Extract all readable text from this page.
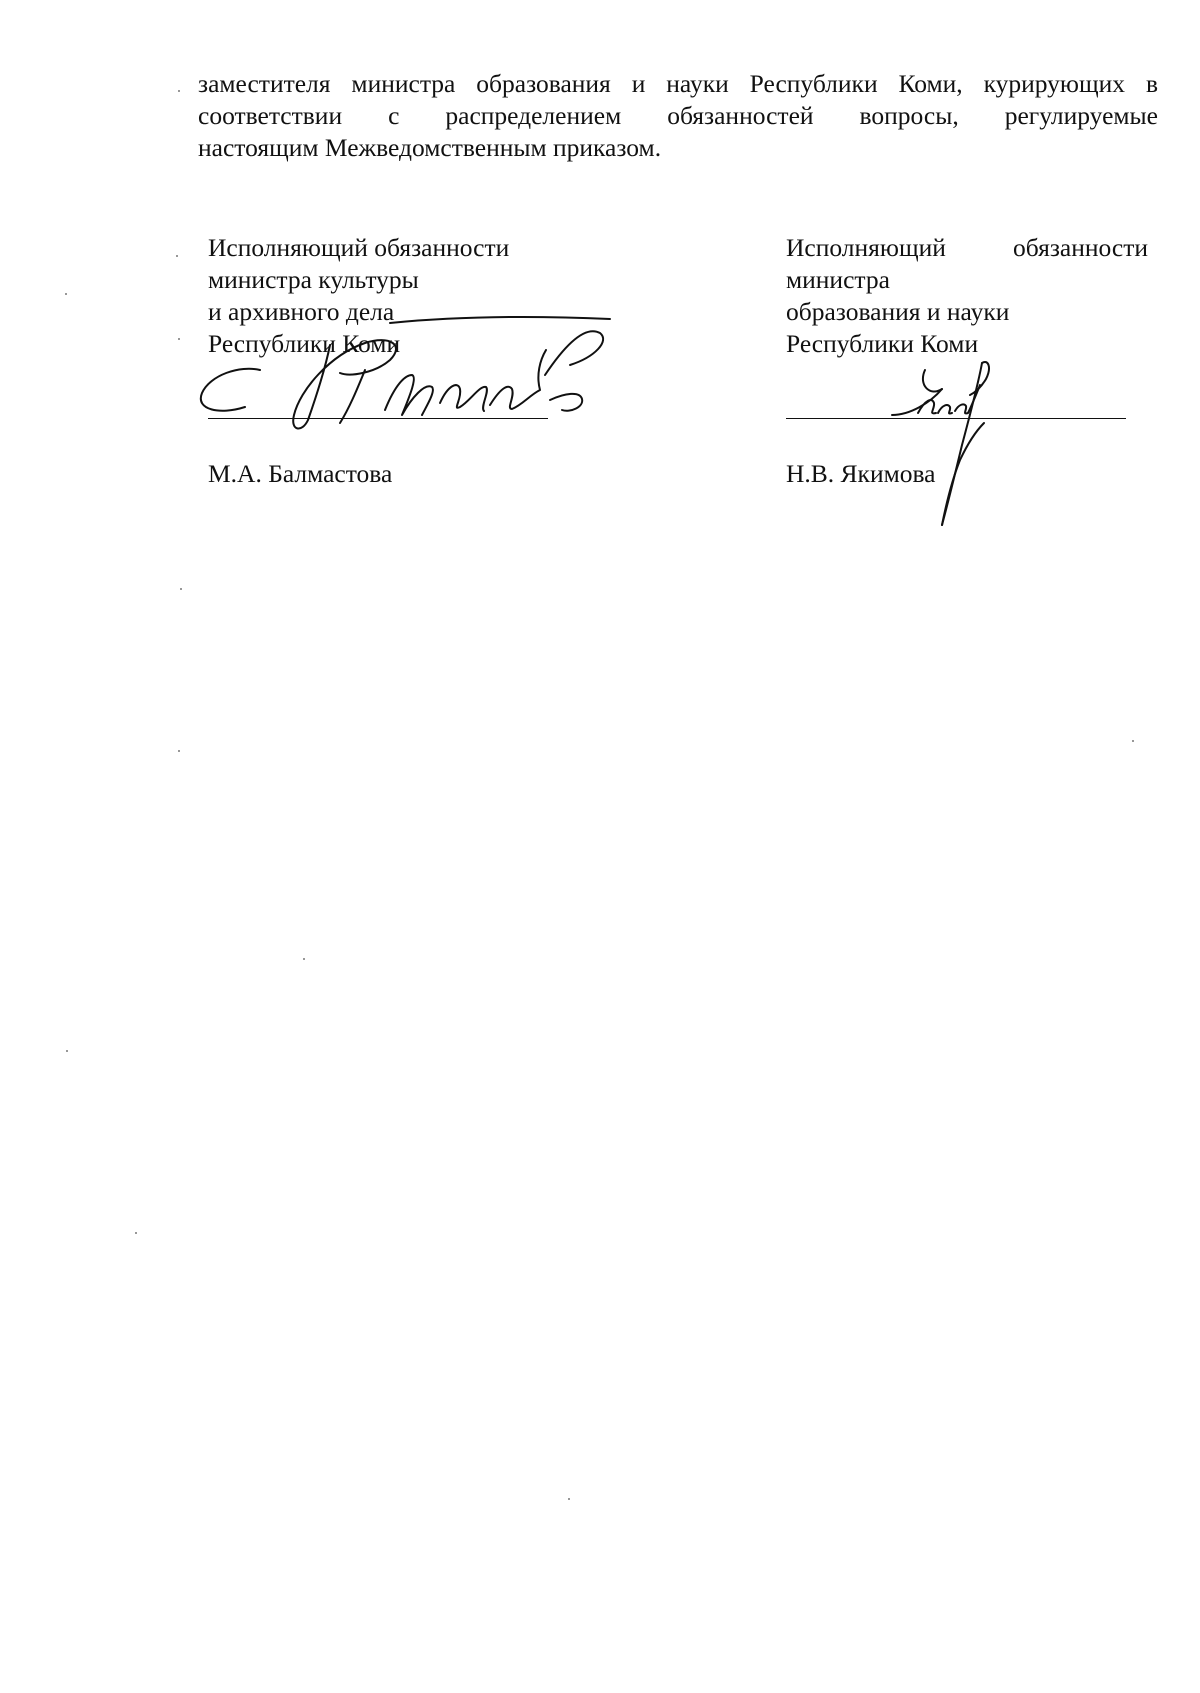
заместителя министра образования и науки Республики Коми, курирующих в
соответствии с распределением обязанностей вопросы, регулируемые
настоящим Межведомственным приказом.
Исполняющий обязанности
министра культуры
и архивного дела
Республики Коми
М.А. Балмастова
Исполняющий обязанности
министра
образования и науки
Республики Коми
Н.В. Якимова
